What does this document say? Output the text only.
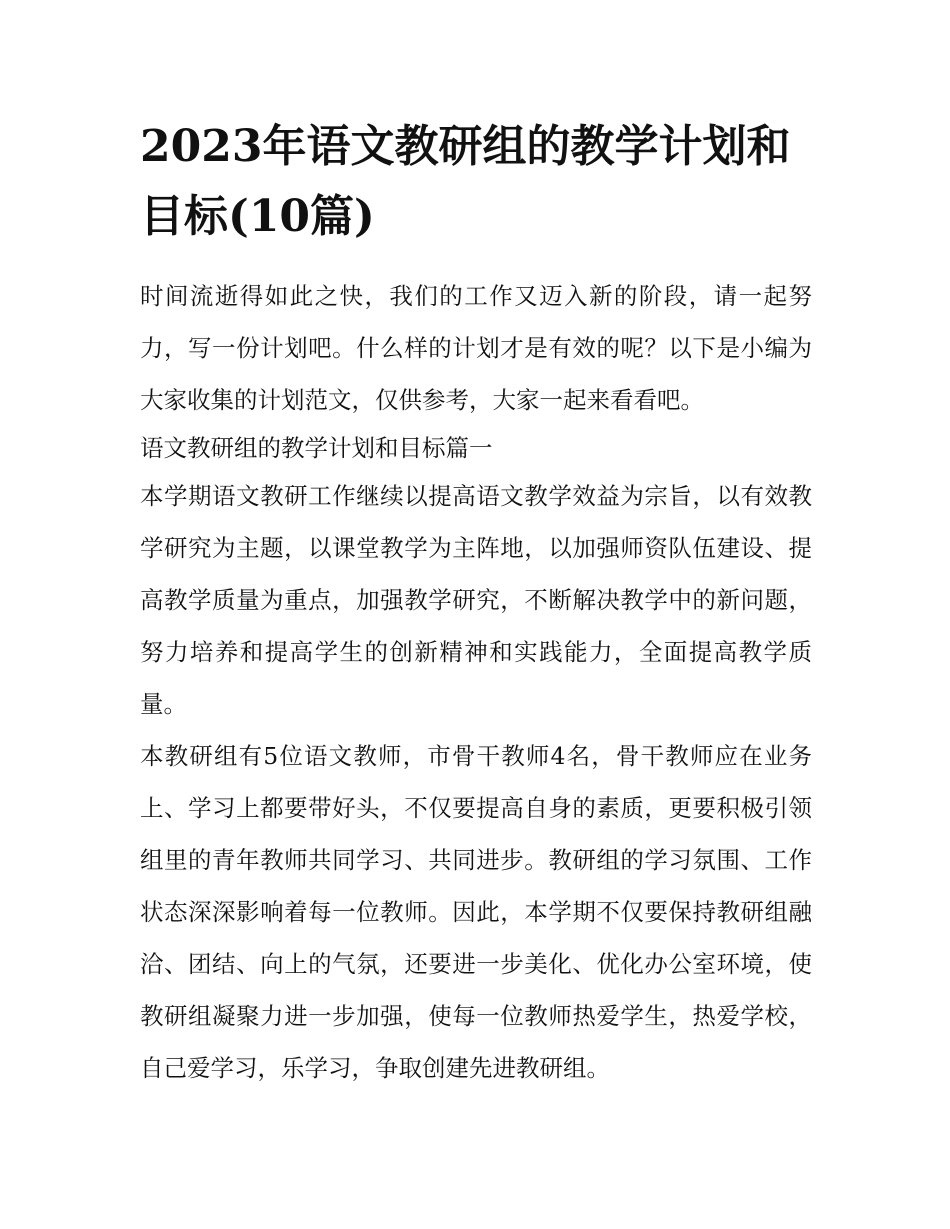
2023年语文教研组的教学计划和目标(10篇)

时间流逝得如此之快，我们的工作又迈入新的阶段，请一起努力，写一份计划吧。什么样的计划才是有效的呢？以下是小编为大家收集的计划范文，仅供参考，大家一起来看看吧。

语文教研组的教学计划和目标篇一

本学期语文教研工作继续以提高语文教学效益为宗旨，以有效教学研究为主题，以课堂教学为主阵地，以加强师资队伍建设、提高教学质量为重点，加强教学研究，不断解决教学中的新问题，努力培养和提高学生的创新精神和实践能力，全面提高教学质量。

本教研组有5位语文教师，市骨干教师4名，骨干教师应在业务上、学习上都要带好头，不仅要提高自身的素质，更要积极引领组里的青年教师共同学习、共同进步。教研组的学习氛围、工作状态深深影响着每一位教师。因此，本学期不仅要保持教研组融洽、团结、向上的气氛，还要进一步美化、优化办公室环境，使教研组凝聚力进一步加强，使每一位教师热爱学生，热爱学校，自己爱学习，乐学习，争取创建先进教研组。
